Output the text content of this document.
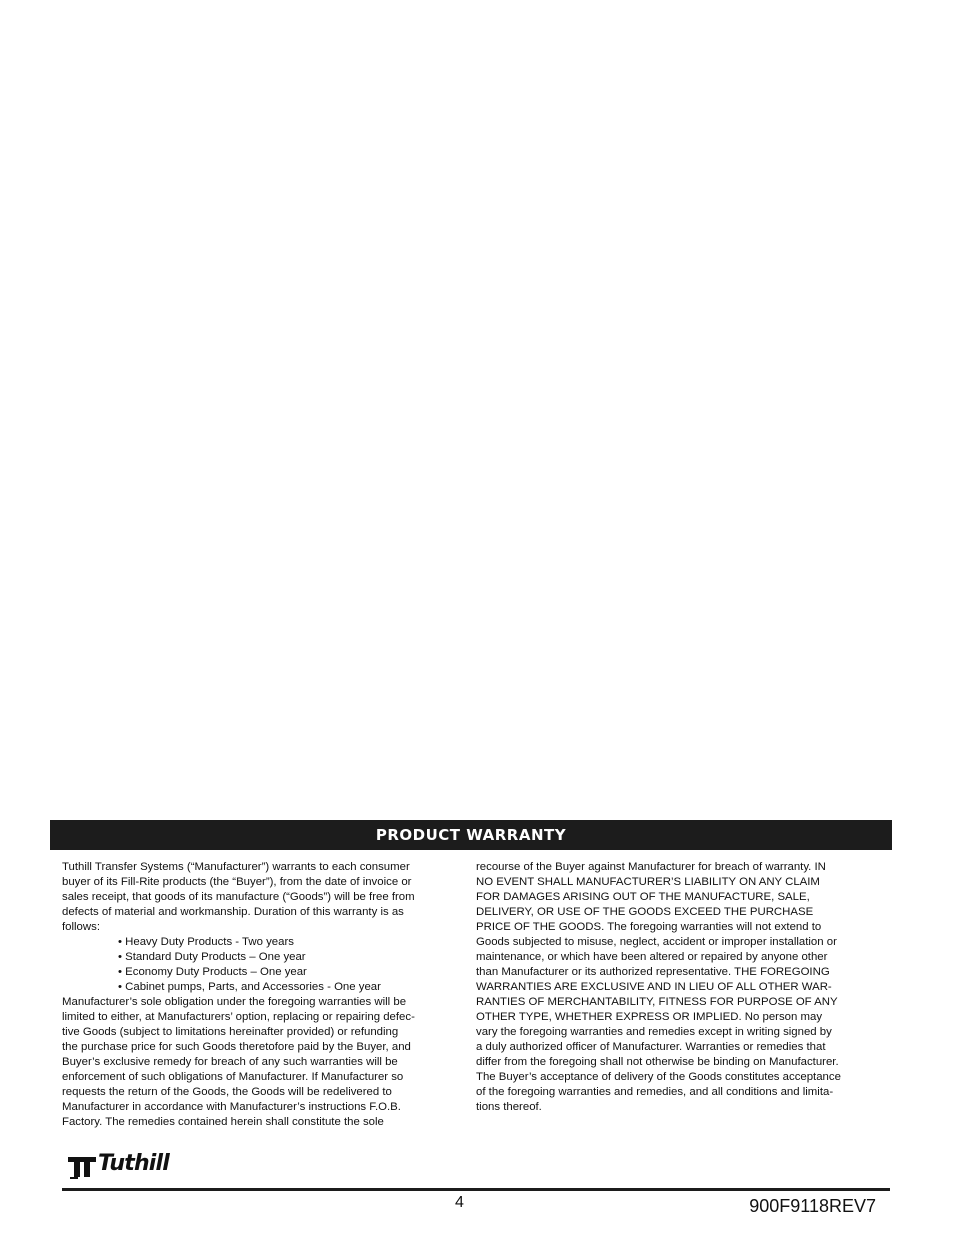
PRODUCT WARRANTY
Tuthill Transfer Systems (“Manufacturer”) warrants to each consumer
buyer of its Fill-Rite products (the “Buyer”), from the date of invoice or
sales receipt, that goods of its manufacture (“Goods”) will be free from
defects of material and workmanship. Duration of this warranty is as
follows:
• Heavy Duty Products - Two years
• Standard Duty Products – One year
• Economy Duty Products – One year
• Cabinet pumps, Parts, and Accessories - One year
Manufacturer’s sole obligation under the foregoing warranties will be
limited to either, at Manufacturers’ option, replacing or repairing defec-
tive Goods (subject to limitations hereinafter provided) or refunding
the purchase price for such Goods theretofore paid by the Buyer, and
Buyer’s exclusive remedy for breach of any such warranties will be
enforcement of such obligations of Manufacturer. If Manufacturer so
requests the return of the Goods, the Goods will be redelivered to
Manufacturer in accordance with Manufacturer’s instructions F.O.B.
Factory. The remedies contained herein shall constitute the sole
recourse of the Buyer against Manufacturer for breach of warranty. IN
NO EVENT SHALL MANUFACTURER’S LIABILITY ON ANY CLAIM
FOR DAMAGES ARISING OUT OF THE MANUFACTURE, SALE,
DELIVERY, OR USE OF THE GOODS EXCEED THE PURCHASE
PRICE OF THE GOODS. The foregoing warranties will not extend to
Goods subjected to misuse, neglect, accident or improper installation or
maintenance, or which have been altered or repaired by anyone other
than Manufacturer or its authorized representative. THE FOREGOING
WARRANTIES ARE EXCLUSIVE AND IN LIEU OF ALL OTHER WAR-
RANTIES OF MERCHANTABILITY, FITNESS FOR PURPOSE OF ANY
OTHER TYPE, WHETHER EXPRESS OR IMPLIED. No person may
vary the foregoing warranties and remedies except in writing signed by
a duly authorized officer of Manufacturer. Warranties or remedies that
differ from the foregoing shall not otherwise be binding on Manufacturer.
The Buyer’s acceptance of delivery of the Goods constitutes acceptance
of the foregoing warranties and remedies, and all conditions and limita-
tions thereof.
Tuthill
4	900F9118REV7
